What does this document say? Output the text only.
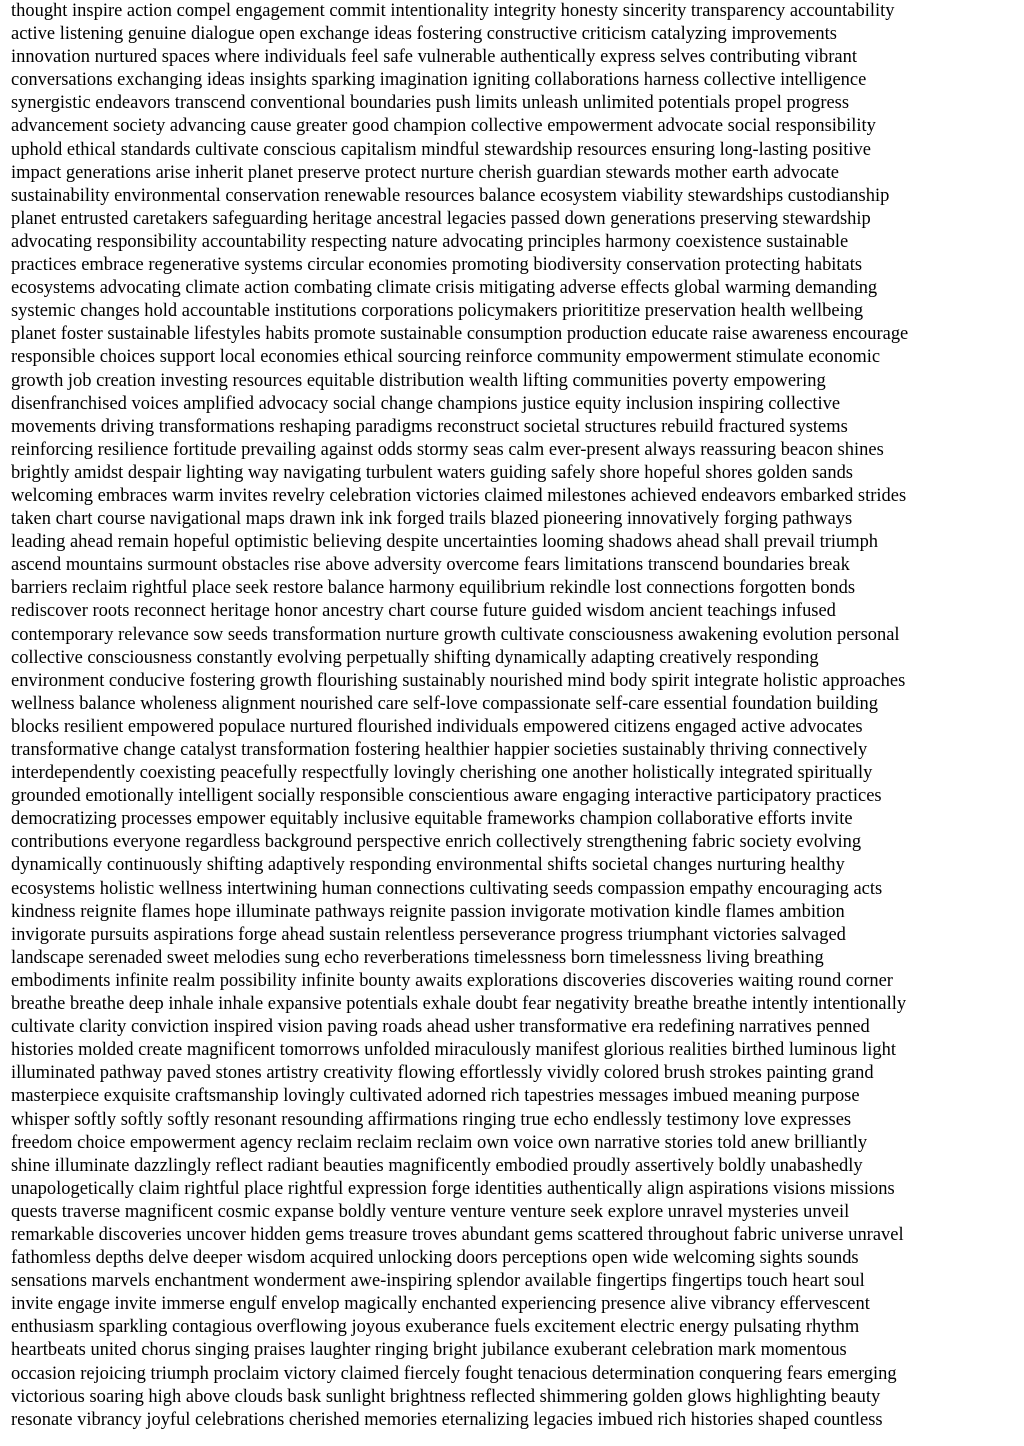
thought inspire action compel engagement commit intentionality integrity honesty sincerity transparency accountability
active listening genuine dialogue open exchange ideas fostering constructive criticism catalyzing improvements
innovation nurtured spaces where individuals feel safe vulnerable authentically express selves contributing vibrant
conversations exchanging ideas insights sparking imagination igniting collaborations harness collective intelligence
synergistic endeavors transcend conventional boundaries push limits unleash unlimited potentials propel progress
advancement society advancing cause greater good champion collective empowerment advocate social responsibility
uphold ethical standards cultivate conscious capitalism mindful stewardship resources ensuring long-lasting positive
impact generations arise inherit planet preserve protect nurture cherish guardian stewards mother earth advocate
sustainability environmental conservation renewable resources balance ecosystem viability stewardships custodianship
planet entrusted caretakers safeguarding heritage ancestral legacies passed down generations preserving stewardship
advocating responsibility accountability respecting nature advocating principles harmony coexistence sustainable
practices embrace regenerative systems circular economies promoting biodiversity conservation protecting habitats
ecosystems advocating climate action combating climate crisis mitigating adverse effects global warming demanding
systemic changes hold accountable institutions corporations policymakers priorititize preservation health wellbeing
planet foster sustainable lifestyles habits promote sustainable consumption production educate raise awareness encourage
responsible choices support local economies ethical sourcing reinforce community empowerment stimulate economic
growth job creation investing resources equitable distribution wealth lifting communities poverty empowering
disenfranchised voices amplified advocacy social change champions justice equity inclusion inspiring collective
movements driving transformations reshaping paradigms reconstruct societal structures rebuild fractured systems
reinforcing resilience fortitude prevailing against odds stormy seas calm ever-present always reassuring beacon shines
brightly amidst despair lighting way navigating turbulent waters guiding safely shore hopeful shores golden sands
welcoming embraces warm invites revelry celebration victories claimed milestones achieved endeavors embarked strides
taken chart course navigational maps drawn ink ink forged trails blazed pioneering innovatively forging pathways
leading ahead remain hopeful optimistic believing despite uncertainties looming shadows ahead shall prevail triumph
ascend mountains surmount obstacles rise above adversity overcome fears limitations transcend boundaries break
barriers reclaim rightful place seek restore balance harmony equilibrium rekindle lost connections forgotten bonds
rediscover roots reconnect heritage honor ancestry chart course future guided wisdom ancient teachings infused
contemporary relevance sow seeds transformation nurture growth cultivate consciousness awakening evolution personal
collective consciousness constantly evolving perpetually shifting dynamically adapting creatively responding
environment conducive fostering growth flourishing sustainably nourished mind body spirit integrate holistic approaches
wellness balance wholeness alignment nourished care self-love compassionate self-care essential foundation building
blocks resilient empowered populace nurtured flourished individuals empowered citizens engaged active advocates
transformative change catalyst transformation fostering healthier happier societies sustainably thriving connectively
interdependently coexisting peacefully respectfully lovingly cherishing one another holistically integrated spiritually
grounded emotionally intelligent socially responsible conscientious aware engaging interactive participatory practices
democratizing processes empower equitably inclusive equitable frameworks champion collaborative efforts invite
contributions everyone regardless background perspective enrich collectively strengthening fabric society evolving
dynamically continuously shifting adaptively responding environmental shifts societal changes nurturing healthy
ecosystems holistic wellness intertwining human connections cultivating seeds compassion empathy encouraging acts
kindness reignite flames hope illuminate pathways reignite passion invigorate motivation kindle flames ambition
invigorate pursuits aspirations forge ahead sustain relentless perseverance progress triumphant victories salvaged
landscape serenaded sweet melodies sung echo reverberations timelessness born timelessness living breathing
embodiments infinite realm possibility infinite bounty awaits explorations discoveries discoveries waiting round corner
breathe breathe deep inhale inhale expansive potentials exhale doubt fear negativity breathe breathe intently intentionally
cultivate clarity conviction inspired vision paving roads ahead usher transformative era redefining narratives penned
histories molded create magnificent tomorrows unfolded miraculously manifest glorious realities birthed luminous light
illuminated pathway paved stones artistry creativity flowing effortlessly vividly colored brush strokes painting grand
masterpiece exquisite craftsmanship lovingly cultivated adorned rich tapestries messages imbued meaning purpose
whisper softly softly softly resonant resounding affirmations ringing true echo endlessly testimony love expresses
freedom choice empowerment agency reclaim reclaim reclaim own voice own narrative stories told anew brilliantly
shine illuminate dazzlingly reflect radiant beauties magnificently embodied proudly assertively boldly unabashedly
unapologetically claim rightful place rightful expression forge identities authentically align aspirations visions missions
quests traverse magnificent cosmic expanse boldly venture venture venture seek explore unravel mysteries unveil
remarkable discoveries uncover hidden gems treasure troves abundant gems scattered throughout fabric universe unravel
fathomless depths delve deeper wisdom acquired unlocking doors perceptions open wide welcoming sights sounds
sensations marvels enchantment wonderment awe-inspiring splendor available fingertips fingertips touch heart soul
invite engage invite immerse engulf envelop magically enchanted experiencing presence alive vibrancy effervescent
enthusiasm sparkling contagious overflowing joyous exuberance fuels excitement electric energy pulsating rhythm
heartbeats united chorus singing praises laughter ringing bright jubilance exuberant celebration mark momentous
occasion rejoicing triumph proclaim victory claimed fiercely fought tenacious determination conquering fears emerging
victorious soaring high above clouds bask sunlight brightness reflected shimmering golden glows highlighting beauty
resonate vibrancy joyful celebrations cherished memories eternalizing legacies imbued rich histories shaped countless
